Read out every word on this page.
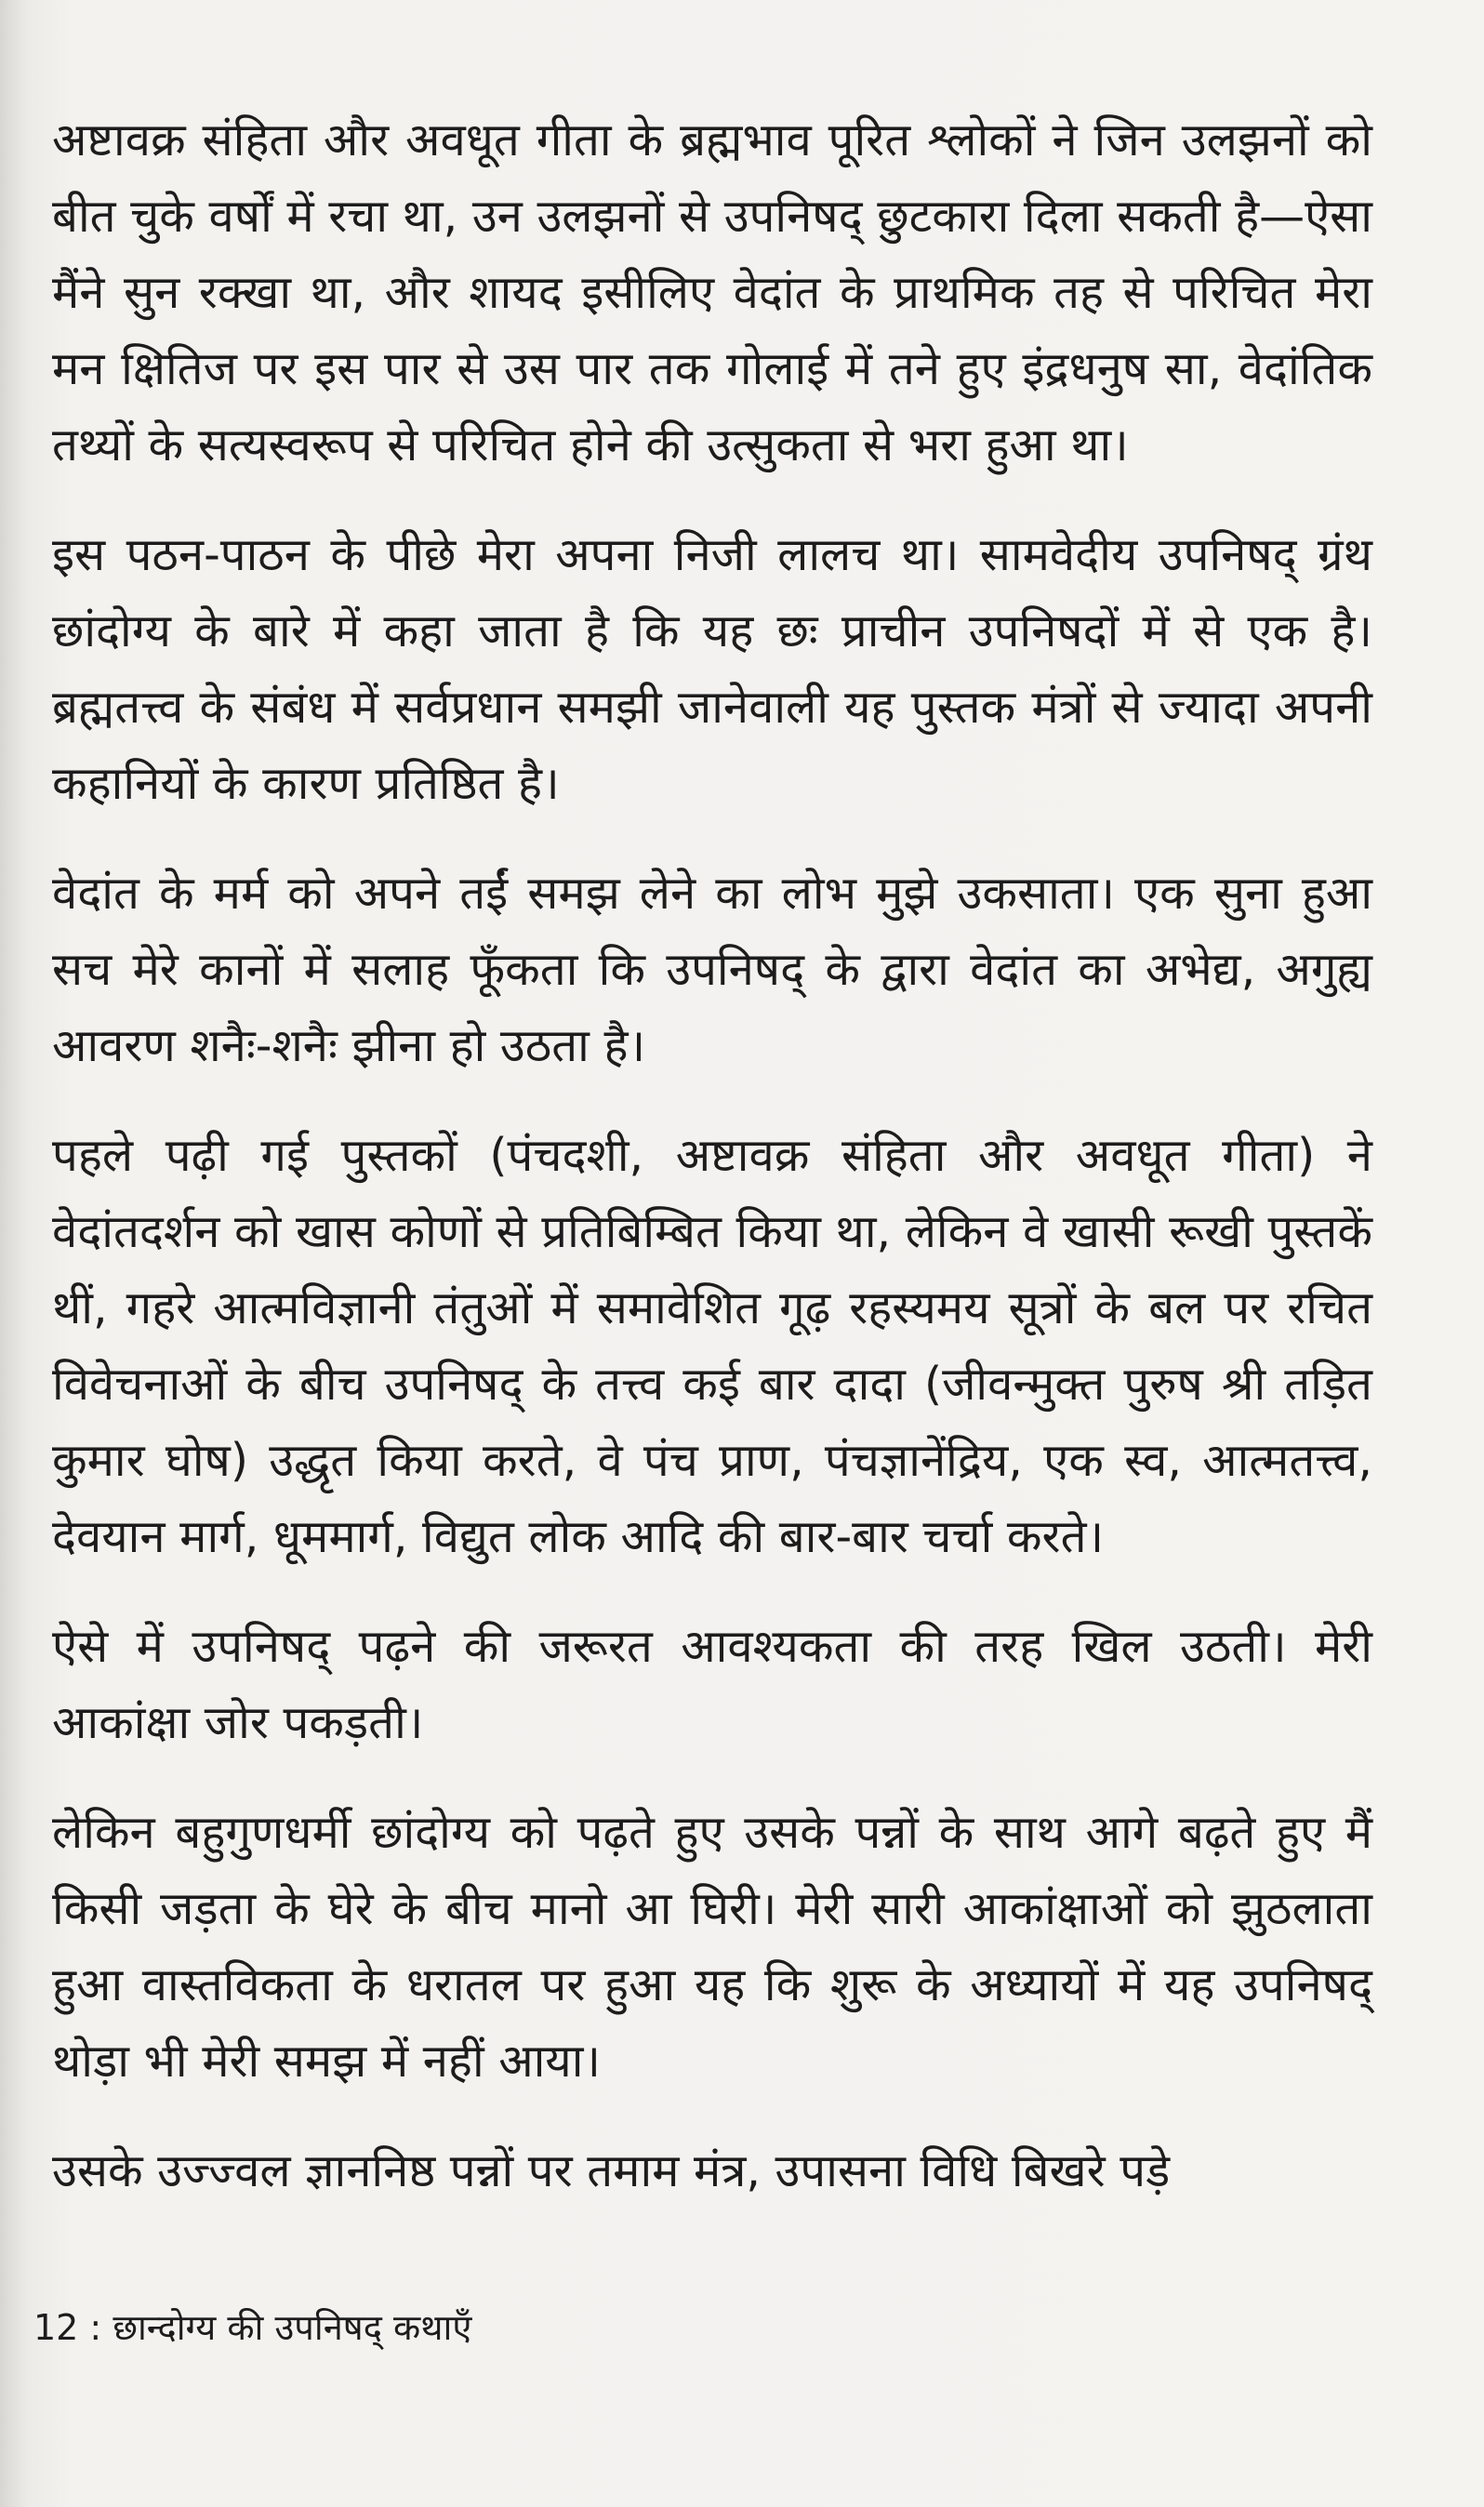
अष्टावक्र संहिता और अवधूत गीता के ब्रह्मभाव पूरित श्लोकों ने जिन उलझनों को बीत चुके वर्षों में रचा था, उन उलझनों से उपनिषद् छुटकारा दिला सकती है—ऐसा मैंने सुन रक्खा था, और शायद इसीलिए वेदांत के प्राथमिक तह से परिचित मेरा मन क्षितिज पर इस पार से उस पार तक गोलाई में तने हुए इंद्रधनुष सा, वेदांतिक तथ्यों के सत्यस्वरूप से परिचित होने की उत्सुकता से भरा हुआ था।

इस पठन-पाठन के पीछे मेरा अपना निजी लालच था। सामवेदीय उपनिषद् ग्रंथ छांदोग्य के बारे में कहा जाता है कि यह छः प्राचीन उपनिषदों में से एक है। ब्रह्मतत्त्व के संबंध में सर्वप्रधान समझी जानेवाली यह पुस्तक मंत्रों से ज्यादा अपनी कहानियों के कारण प्रतिष्ठित है।

वेदांत के मर्म को अपने तईं समझ लेने का लोभ मुझे उकसाता। एक सुना हुआ सच मेरे कानों में सलाह फूँकता कि उपनिषद् के द्वारा वेदांत का अभेद्य, अगुह्य आवरण शनैः-शनैः झीना हो उठता है।

पहले पढ़ी गई पुस्तकों (पंचदशी, अष्टावक्र संहिता और अवधूत गीता) ने वेदांतदर्शन को खास कोणों से प्रतिबिम्बित किया था, लेकिन वे खासी रूखी पुस्तकें थीं, गहरे आत्मविज्ञानी तंतुओं में समावेशित गूढ़ रहस्यमय सूत्रों के बल पर रचित विवेचनाओं के बीच उपनिषद् के तत्त्व कई बार दादा (जीवन्मुक्त पुरुष श्री तड़ित कुमार घोष) उद्धृत किया करते, वे पंच प्राण, पंचज्ञानेंद्रिय, एक स्व, आत्मतत्त्व, देवयान मार्ग, धूममार्ग, विद्युत लोक आदि की बार-बार चर्चा करते।

ऐसे में उपनिषद् पढ़ने की जरूरत आवश्यकता की तरह खिल उठती। मेरी आकांक्षा जोर पकड़ती।

लेकिन बहुगुणधर्मी छांदोग्य को पढ़ते हुए उसके पन्नों के साथ आगे बढ़ते हुए मैं किसी जड़ता के घेरे के बीच मानो आ घिरी। मेरी सारी आकांक्षाओं को झुठलाता हुआ वास्तविकता के धरातल पर हुआ यह कि शुरू के अध्यायों में यह उपनिषद् थोड़ा भी मेरी समझ में नहीं आया।

उसके उज्ज्वल ज्ञाननिष्ठ पन्नों पर तमाम मंत्र, उपासना विधि बिखरे पड़े

12 : छान्दोग्य की उपनिषद् कथाएँ
